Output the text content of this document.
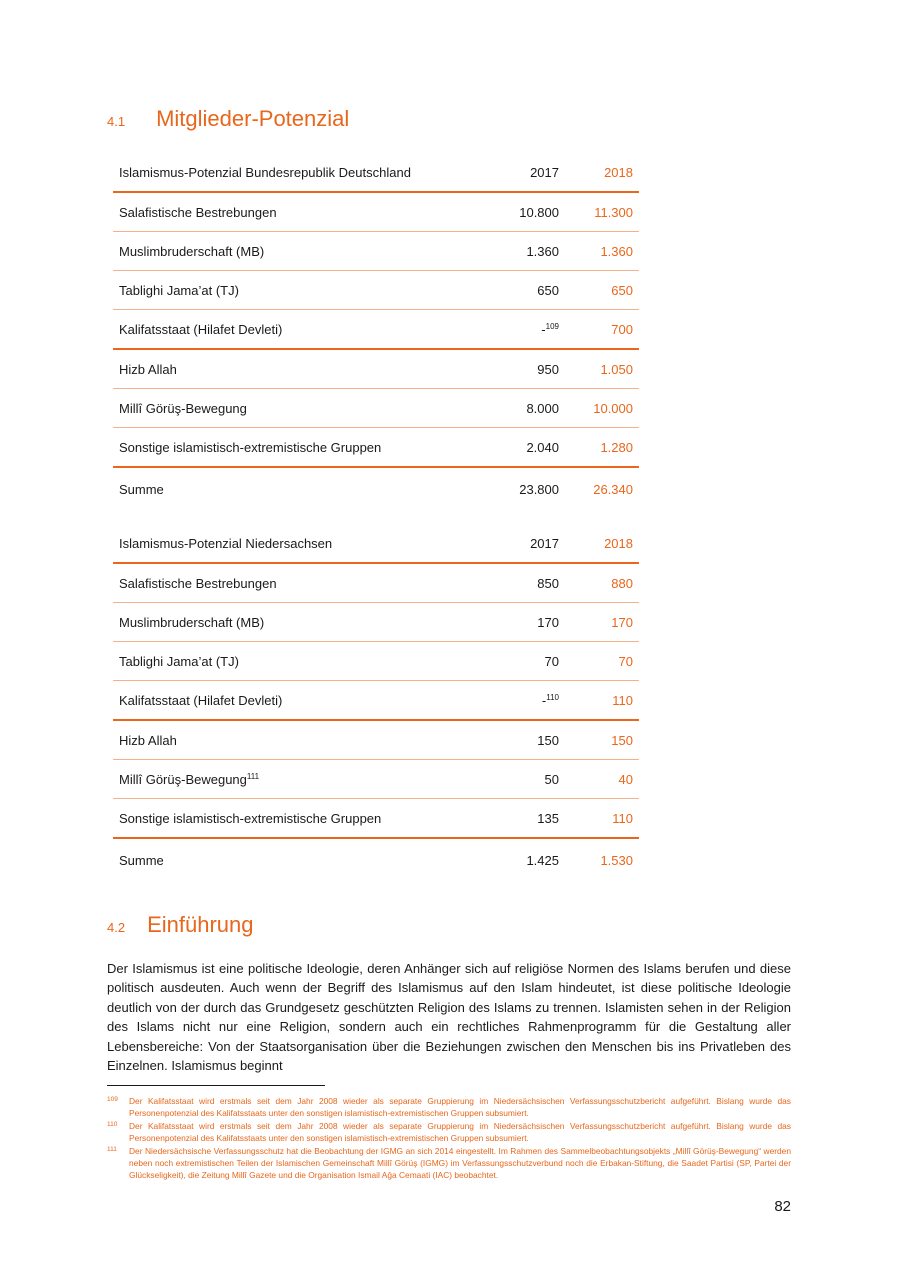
4.1 Mitglieder-Potenzial
Islamismus-Potenzial Bundesrepublik Deutschland	2017	2018
Salafistische Bestrebungen	10.800	11.300
Muslimbruderschaft (MB)	1.360	1.360
Tablighi Jama’at (TJ)	650	650
Kalifatsstaat (Hilafet Devleti)	-$^{109}$	700
Hizb Allah	950	1.050
Millî Görüş-Bewegung	8.000	10.000
Sonstige islamistisch-extremistische Gruppen	2.040	1.280
Summe	23.800	26.340
Islamismus-Potenzial Niedersachsen	2017	2018
Salafistische Bestrebungen	850	880
Muslimbruderschaft (MB)	170	170
Tablighi Jama’at (TJ)	70	70
Kalifatsstaat (Hilafet Devleti)	-$^{110}$	110
Hizb Allah	150	150
Millî Görüş-Bewegung$^{111}$	50	40
Sonstige islamistisch-extremistische Gruppen	135	110
Summe	1.425	1.530
4.2 Einführung

Der Islamismus ist eine politische Ideologie, deren Anhänger sich auf religiöse Normen des Islams berufen und diese politisch ausdeuten. Auch wenn der Begriff des Islamismus auf den Islam hindeutet, ist diese politische Ideologie deutlich von der durch das Grundgesetz geschützten Religion des Islams zu trennen. Islamisten sehen in der Religion des Islams nicht nur eine Religion, sondern auch ein rechtliches Rahmenprogramm für die Gestaltung aller Lebensbereiche: Von der Staatsorganisation über die Beziehungen zwischen den Menschen bis ins Privatleben des Einzelnen. Islamismus beginnt

109	Der Kalifatsstaat wird erstmals seit dem Jahr 2008 wieder als separate Gruppierung im Niedersächsischen Verfassungsschutzbericht aufgeführt. Bislang wurde das Personenpotenzial des Kalifatsstaats unter den sonstigen islamistisch-extremistischen Gruppen subsumiert.
110	Der Kalifatsstaat wird erstmals seit dem Jahr 2008 wieder als separate Gruppierung im Niedersächsischen Verfassungsschutzbericht aufgeführt. Bislang wurde das Personenpotenzial des Kalifatsstaats unter den sonstigen islamistisch-extremistischen Gruppen subsumiert.
111	Der Niedersächsische Verfassungsschutz hat die Beobachtung der IGMG an sich 2014 eingestellt. Im Rahmen des Sammelbeobachtungsobjekts „Millî Görüş-Bewegung“ werden neben noch extremistischen Teilen der Islamischen Gemeinschaft Millî Görüş (IGMG) im Verfassungsschutzverbund noch die Erbakan-Stiftung, die Saadet Partisi (SP, Partei der Glückseligkeit), die Zeitung Millî Gazete und die Organisation Ismail Ağa Cemaati (IAC) beobachtet.
82
